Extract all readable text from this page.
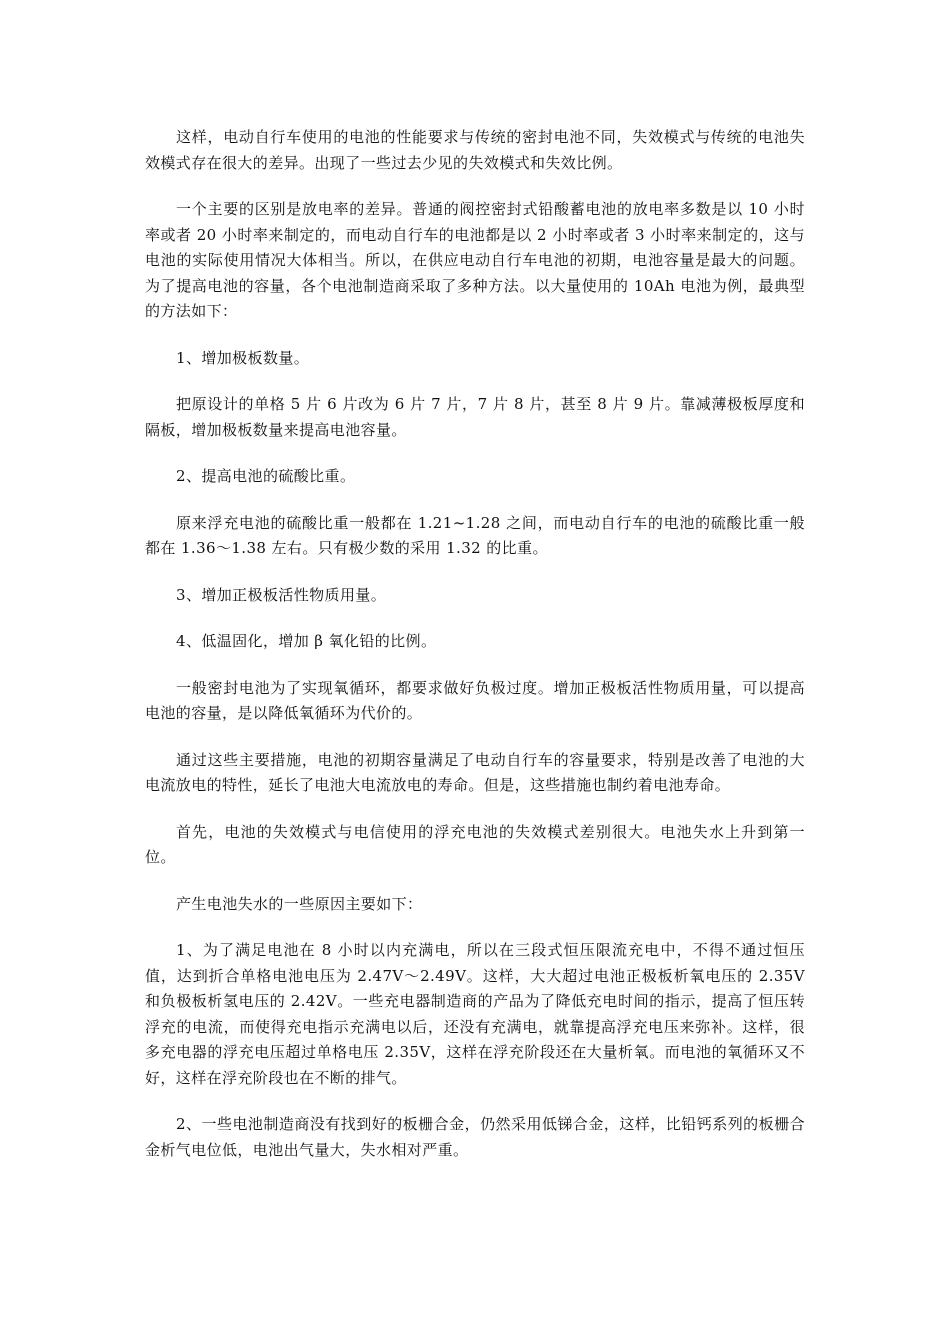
这样，电动自行车使用的电池的性能要求与传统的密封电池不同，失效模式与传统的电池失效模式存在很大的差异。出现了一些过去少见的失效模式和失效比例。

一个主要的区别是放电率的差异。普通的阀控密封式铅酸蓄电池的放电率多数是以 10 小时率或者 20 小时率来制定的，而电动自行车的电池都是以 2 小时率或者 3 小时率来制定的，这与电池的实际使用情况大体相当。所以，在供应电动自行车电池的初期，电池容量是最大的问题。为了提高电池的容量，各个电池制造商采取了多种方法。以大量使用的 10Ah 电池为例，最典型的方法如下：

1、增加极板数量。

把原设计的单格 5 片 6 片改为 6 片 7 片，7 片 8 片，甚至 8 片 9 片。靠减薄极板厚度和隔板，增加极板数量来提高电池容量。

2、提高电池的硫酸比重。

原来浮充电池的硫酸比重一般都在 1.21~1.28 之间，而电动自行车的电池的硫酸比重一般都在 1.36～1.38 左右。只有极少数的采用 1.32 的比重。

3、增加正极板活性物质用量。

4、低温固化，增加 β 氧化铅的比例。

一般密封电池为了实现氧循环，都要求做好负极过度。增加正极板活性物质用量，可以提高电池的容量，是以降低氧循环为代价的。

通过这些主要措施，电池的初期容量满足了电动自行车的容量要求，特别是改善了电池的大电流放电的特性，延长了电池大电流放电的寿命。但是，这些措施也制约着电池寿命。

首先，电池的失效模式与电信使用的浮充电池的失效模式差别很大。电池失水上升到第一位。

产生电池失水的一些原因主要如下：

1、为了满足电池在 8 小时以内充满电，所以在三段式恒压限流充电中，不得不通过恒压值，达到折合单格电池电压为 2.47V～2.49V。这样，大大超过电池正极板析氧电压的 2.35V 和负极板析氢电压的 2.42V。一些充电器制造商的产品为了降低充电时间的指示，提高了恒压转浮充的电流，而使得充电指示充满电以后，还没有充满电，就靠提高浮充电压来弥补。这样，很多充电器的浮充电压超过单格电压 2.35V，这样在浮充阶段还在大量析氧。而电池的氧循环又不好，这样在浮充阶段也在不断的排气。

2、一些电池制造商没有找到好的板栅合金，仍然采用低锑合金，这样，比铅钙系列的板栅合金析气电位低，电池出气量大，失水相对严重。
